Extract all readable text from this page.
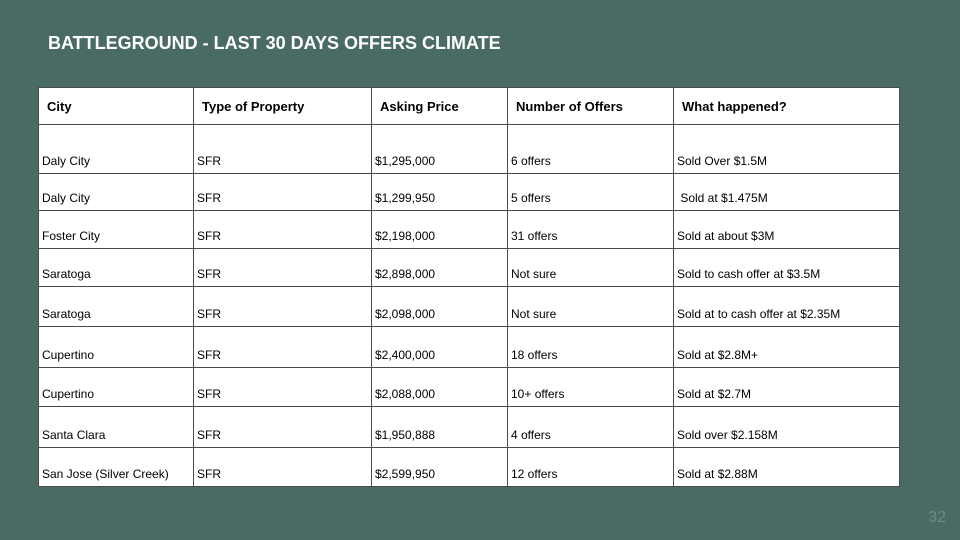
BATTLEGROUND - LAST 30 DAYS OFFERS CLIMATE
City	Type of Property	Asking Price	Number of Offers	What happened?
Daly City	SFR	$1,295,000	6 offers	Sold Over $1.5M
Daly City	SFR	$1,299,950	5 offers	Sold at $1.475M
Foster City	SFR	$2,198,000	31 offers	Sold at about $3M
Saratoga	SFR	$2,898,000	Not sure	Sold to cash offer at $3.5M
Saratoga	SFR	$2,098,000	Not sure	Sold at to cash offer at $2.35M
Cupertino	SFR	$2,400,000	18 offers	Sold at $2.8M+
Cupertino	SFR	$2,088,000	10+ offers	Sold at $2.7M
Santa Clara	SFR	$1,950,888	4 offers	Sold over $2.158M
San Jose (Silver Creek)	SFR	$2,599,950	12 offers	Sold at $2.88M
32
